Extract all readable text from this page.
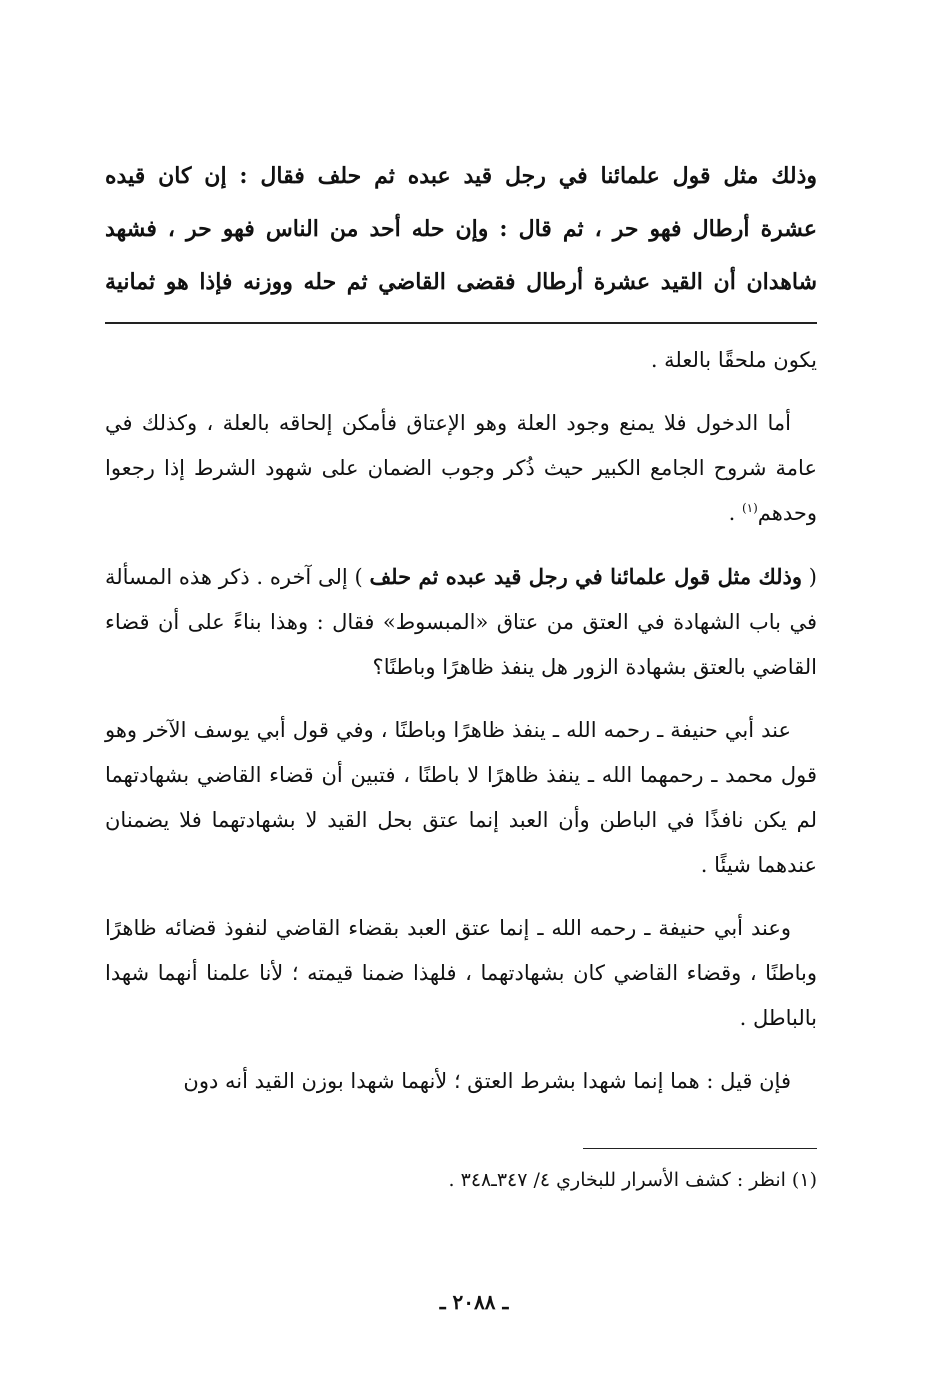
وذلك مثل قول علمائنا في رجل قيد عبده ثم حلف فقال : إن كان قيده
عشرة أرطال فهو حر ، ثم قال : وإن حله أحد من الناس فهو حر ، فشهد
شاهدان أن القيد عشرة أرطال فقضى القاضي ثم حله ووزنه فإذا هو ثمانية

يكون ملحقًا بالعلة .

أما الدخول فلا يمنع وجود العلة وهو الإعتاق فأمكن إلحاقه بالعلة ، وكذلك في عامة شروح الجامع الكبير حيث ذُكر وجوب الضمان على شهود الشرط إذا رجعوا وحدهم$^{(١)}$ .

( وذلك مثل قول علمائنا في رجل قيد عبده ثم حلف ) إلى آخره . ذكر هذه المسألة في باب الشهادة في العتق من عتاق «المبسوط» فقال : وهذا بناءً على أن قضاء القاضي بالعتق بشهادة الزور هل ينفذ ظاهرًا وباطنًا؟

عند أبي حنيفة ـ رحمه الله ـ ينفذ ظاهرًا وباطنًا ، وفي قول أبي يوسف الآخر وهو قول محمد ـ رحمهما الله ـ ينفذ ظاهرًا لا باطنًا ، فتبين أن قضاء القاضي بشهادتهما لم يكن نافذًا في الباطن وأن العبد إنما عتق بحل القيد لا بشهادتهما فلا يضمنان عندهما شيئًا .

وعند أبي حنيفة ـ رحمه الله ـ إنما عتق العبد بقضاء القاضي لنفوذ قضائه ظاهرًا وباطنًا ، وقضاء القاضي كان بشهادتهما ، فلهذا ضمنا قيمته ؛ لأنا علمنا أنهما شهدا بالباطل .

فإن قيل : هما إنما شهدا بشرط العتق ؛ لأنهما شهدا بوزن القيد أنه دون

(١) انظر : كشف الأسرار للبخاري ٤/ ٣٤٧ـ٣٤٨ .

ـ ٢٠٨٨ ـ
